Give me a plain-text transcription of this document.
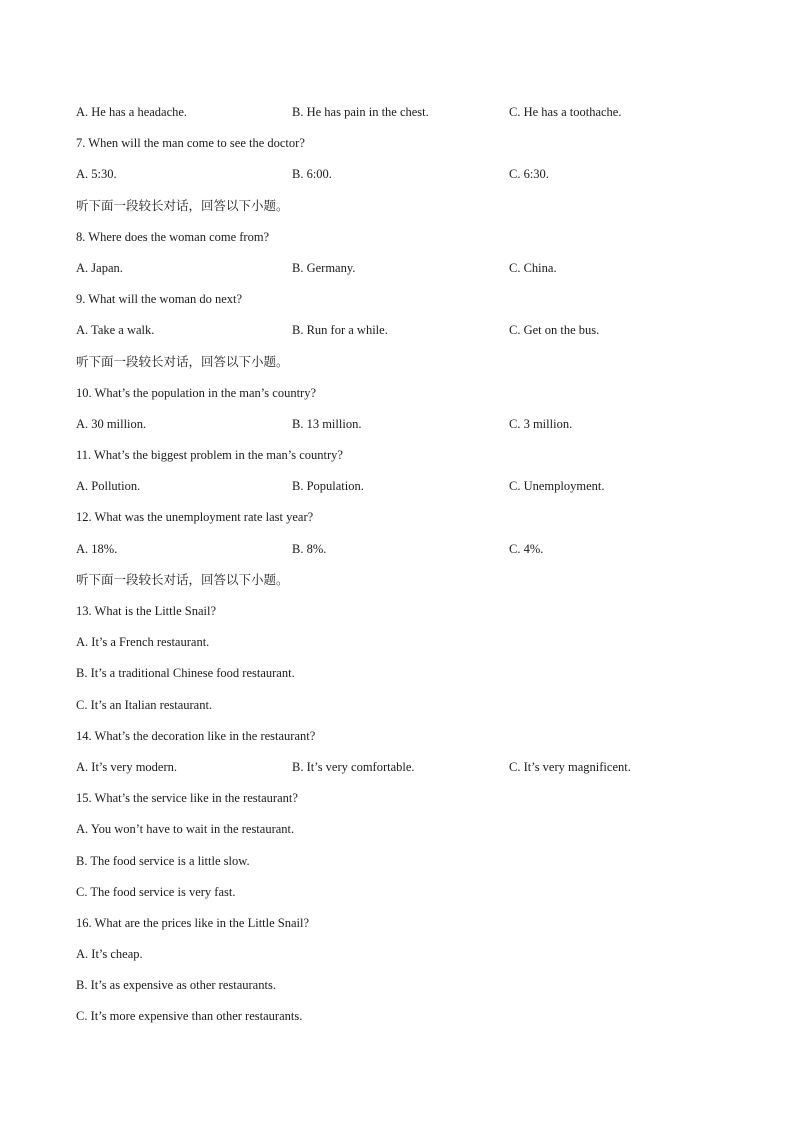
A. He has a headache.	B. He has pain in the chest.	C. He has a toothache.
7. When will the man come to see the doctor?
A. 5:30.	B. 6:00.	C. 6:30.
听下面一段较长对话，回答以下小题。
8. Where does the woman come from?
A. Japan.	B. Germany.	C. China.
9. What will the woman do next?
A. Take a walk.	B. Run for a while.	C. Get on the bus.
听下面一段较长对话，回答以下小题。
10. What’s the population in the man’s country?
A. 30 million.	B. 13 million.	C. 3 million.
11. What’s the biggest problem in the man’s country?
A. Pollution.	B. Population.	C. Unemployment.
12. What was the unemployment rate last year?
A. 18%.	B. 8%.	C. 4%.
听下面一段较长对话，回答以下小题。
13. What is the Little Snail?
A. It’s a French restaurant.
B. It’s a traditional Chinese food restaurant.
C. It’s an Italian restaurant.
14. What’s the decoration like in the restaurant?
A. It’s very modern.	B. It’s very comfortable.	C. It’s very magnificent.
15. What’s the service like in the restaurant?
A. You won’t have to wait in the restaurant.
B. The food service is a little slow.
C. The food service is very fast.
16. What are the prices like in the Little Snail?
A. It’s cheap.
B. It’s as expensive as other restaurants.
C. It’s more expensive than other restaurants.
